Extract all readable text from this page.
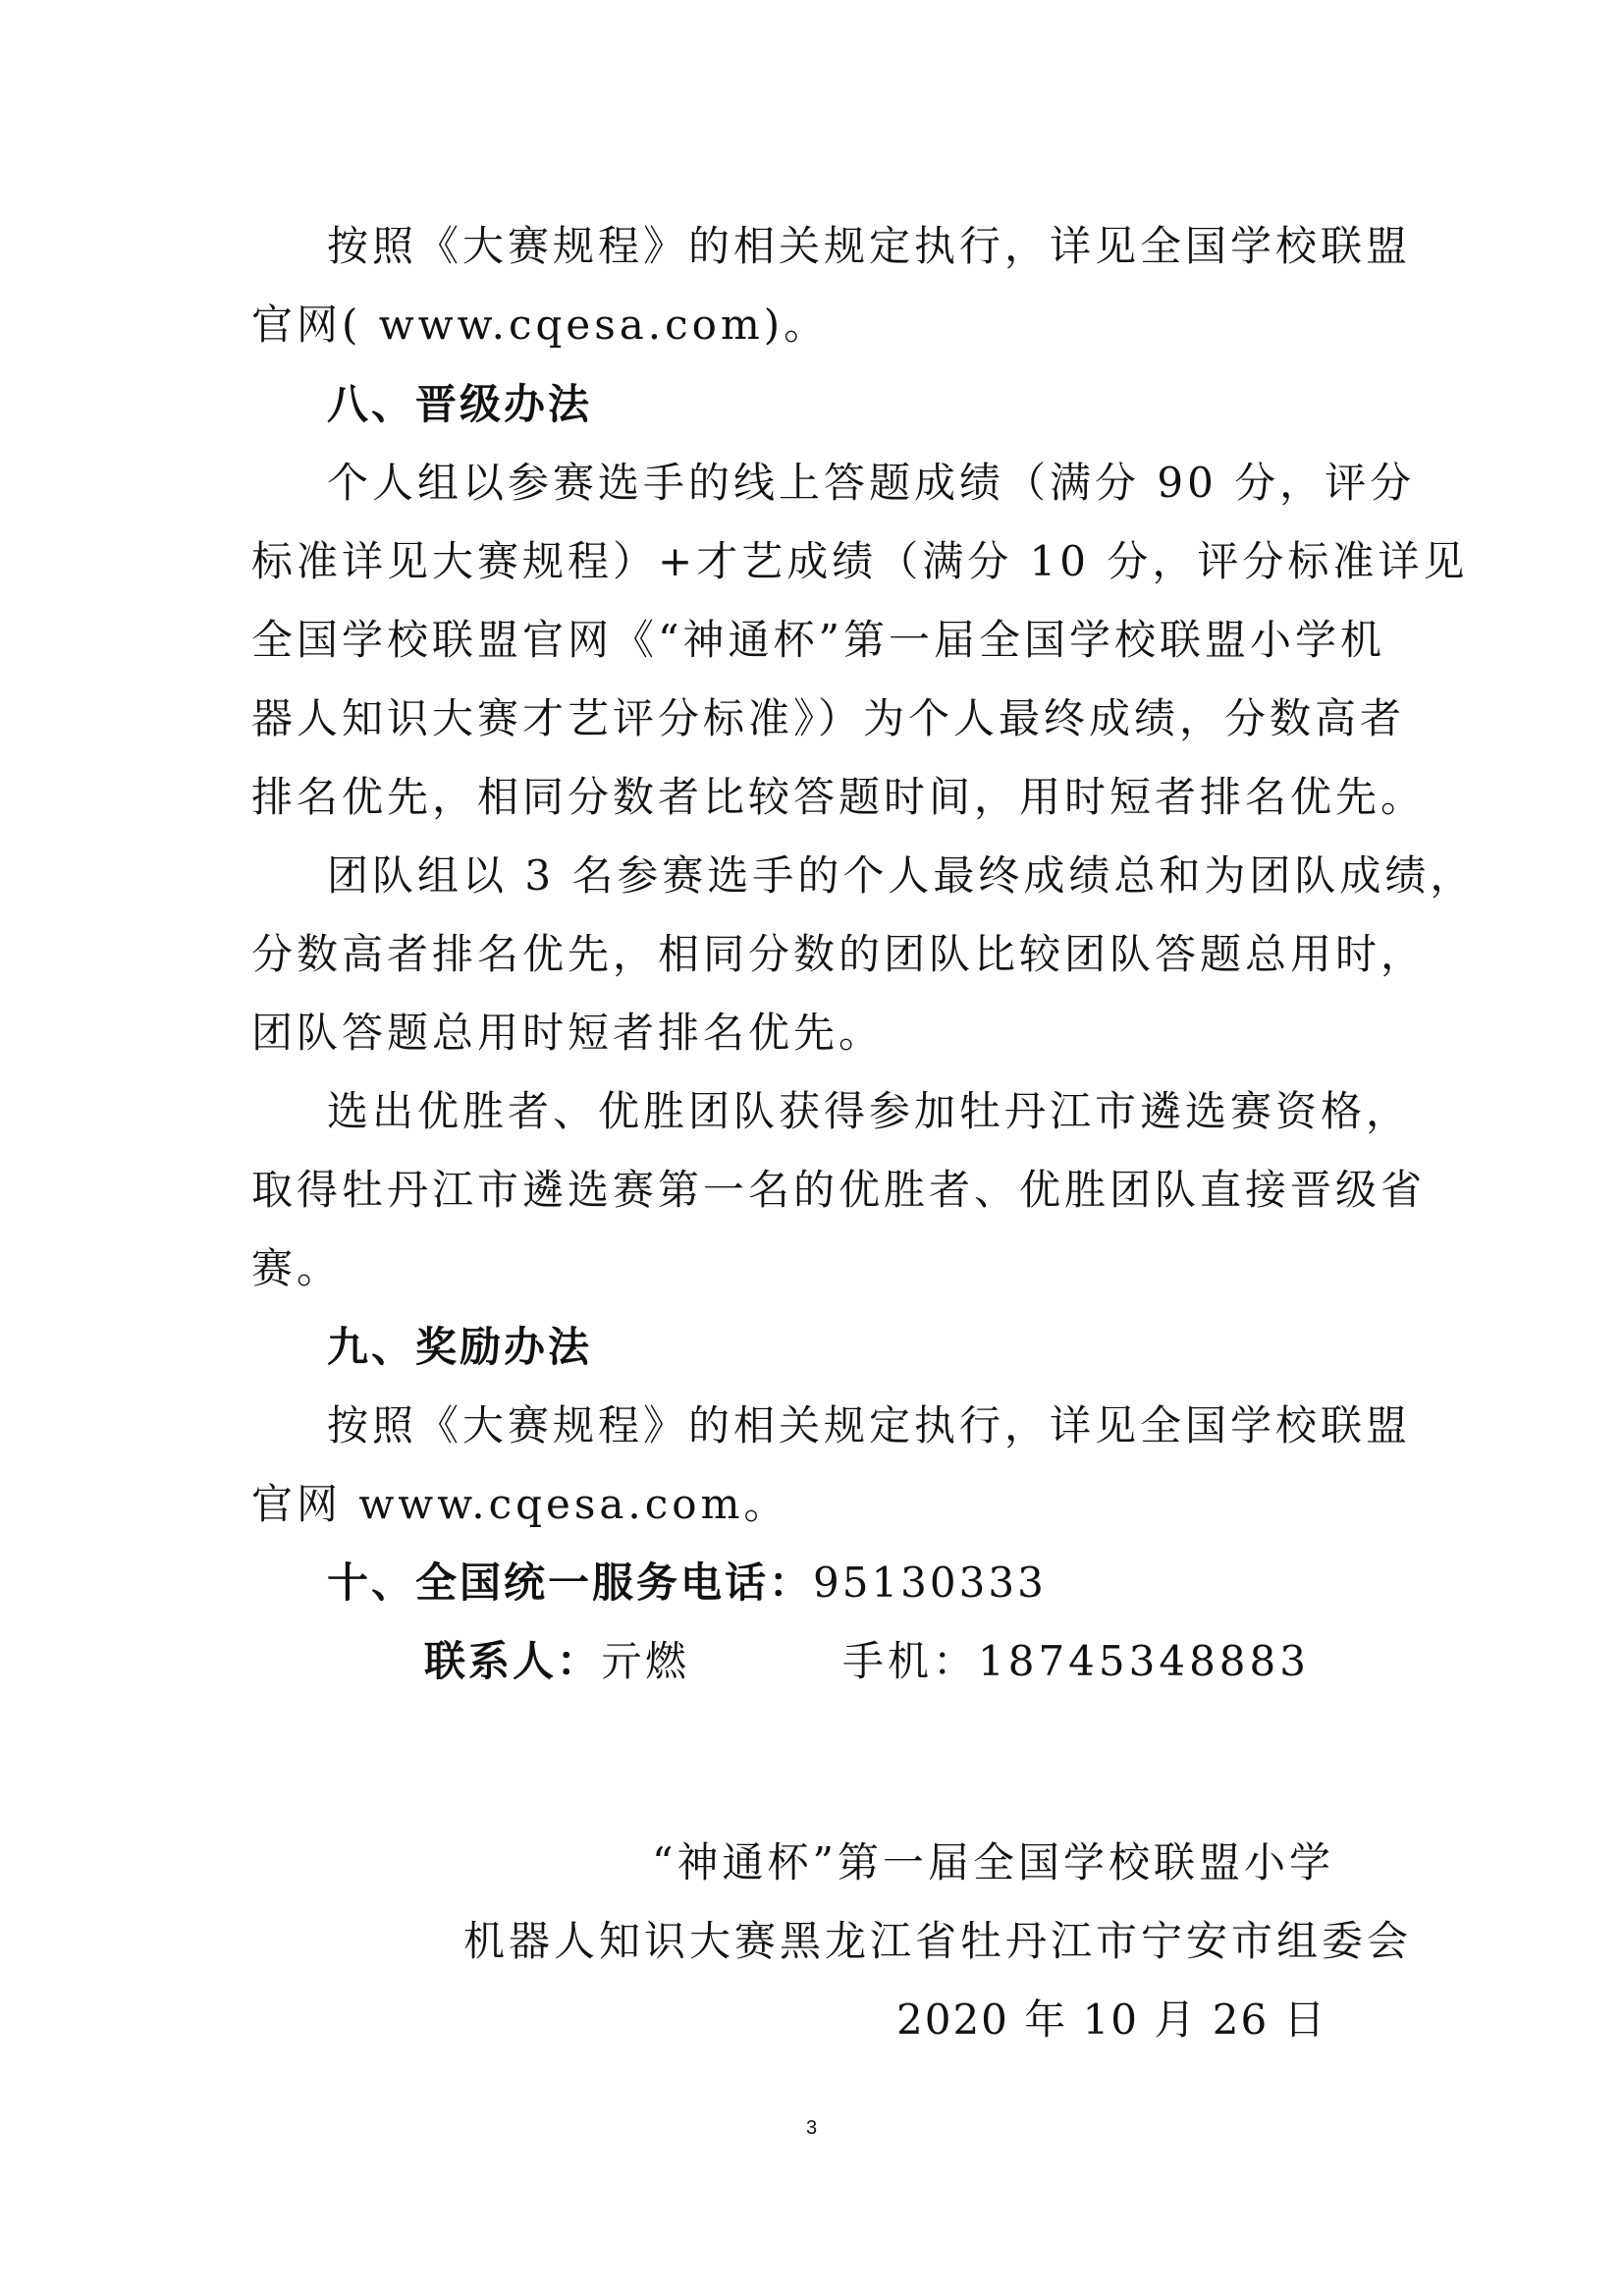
按照《大赛规程》的相关规定执行，详见全国学校联盟
官网( www.cqesa.com)。
八、晋级办法
个人组以参赛选手的线上答题成绩（满分 90 分，评分
标准详见大赛规程）+才艺成绩（满分 10 分，评分标准详见
全国学校联盟官网《“神通杯”第一届全国学校联盟小学机
器人知识大赛才艺评分标准》）为个人最终成绩，分数高者
排名优先，相同分数者比较答题时间，用时短者排名优先。
团队组以 3 名参赛选手的个人最终成绩总和为团队成绩，
分数高者排名优先，相同分数的团队比较团队答题总用时，
团队答题总用时短者排名优先。
选出优胜者、优胜团队获得参加牡丹江市遴选赛资格，
取得牡丹江市遴选赛第一名的优胜者、优胜团队直接晋级省
赛。
九、奖励办法
按照《大赛规程》的相关规定执行，详见全国学校联盟
官网 www.cqesa.com。
十、全国统一服务电话：95130333
联系人：亓燃	手机：18745348883
“神通杯”第一届全国学校联盟小学
机器人知识大赛黑龙江省牡丹江市宁安市组委会
2020 年 10 月 26 日
3
